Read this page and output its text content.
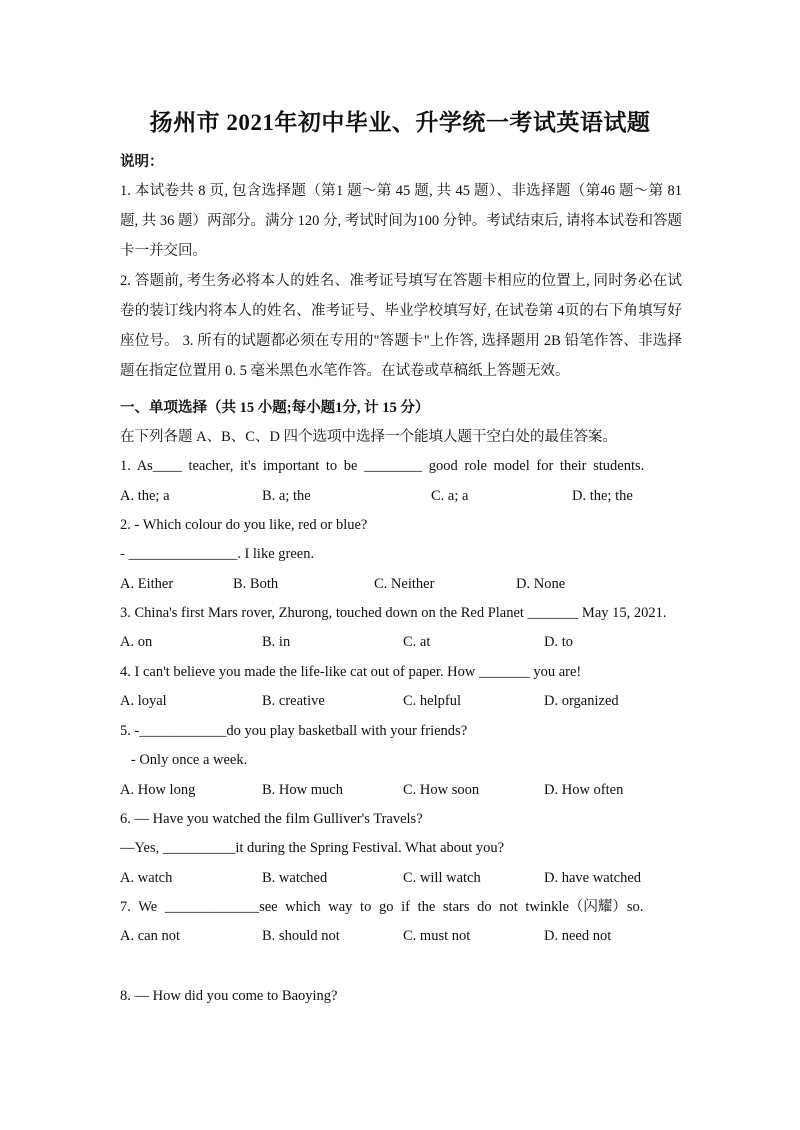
扬州市 2021年初中毕业、升学统一考试英语试题
说明：

1. 本试卷共 8 页, 包含选择题（第1 题～第 45 题, 共 45 题）、非选择题（第46 题～第 81 题, 共 36 题）两部分。满分 120 分, 考试时间为100 分钟。考试结束后, 请将本试卷和答题卡一并交回。

2. 答题前, 考生务必将本人的姓名、准考证号填写在答题卡相应的位置上, 同时务必在试卷的装订线内将本人的姓名、准考证号、毕业学校填写好, 在试卷第 4页的右下角填写好座位号。 3. 所有的试题都必须在专用的"答题卡"上作答, 选择题用 2B 铅笔作答、非选择题在指定位置用 0. 5 毫米黑色水笔作答。在试卷或草稿纸上答题无效。

一、单项选择（共 15 小题;每小题1分, 计 15 分）
在下列各题 A、B、C、D 四个选项中选择一个能填人题干空白处的最佳答案。
1. As____ teacher, it's important to be ________ good role model for their students.
A. the; a	B. a; the	C. a; a	D. the; the
2. - Which colour do you like, red or blue?
- _______________. I like green.
A. Either	B. Both	C. Neither	D. None
3. China's first Mars rover, Zhurong, touched down on the Red Planet _______ May 15, 2021.
A. on	B. in	C. at	D. to
4. I can't believe you made the life-like cat out of paper. How _______ you are!
A. loyal	B. creative	C. helpful	D. organized
5. -____________do you play basketball with your friends?
- Only once a week.
A. How long	B. How much	C. How soon	D. How often
6. — Have you watched the film Gulliver's Travels?
—Yes, __________it during the Spring Festival. What about you?
A. watch	B. watched	C. will watch	D. have watched
7. We _____________see which way to go if the stars do not twinkle（闪耀）so.
A. can not	B. should not	C. must not	D. need not
8. — How did you come to Baoying?
